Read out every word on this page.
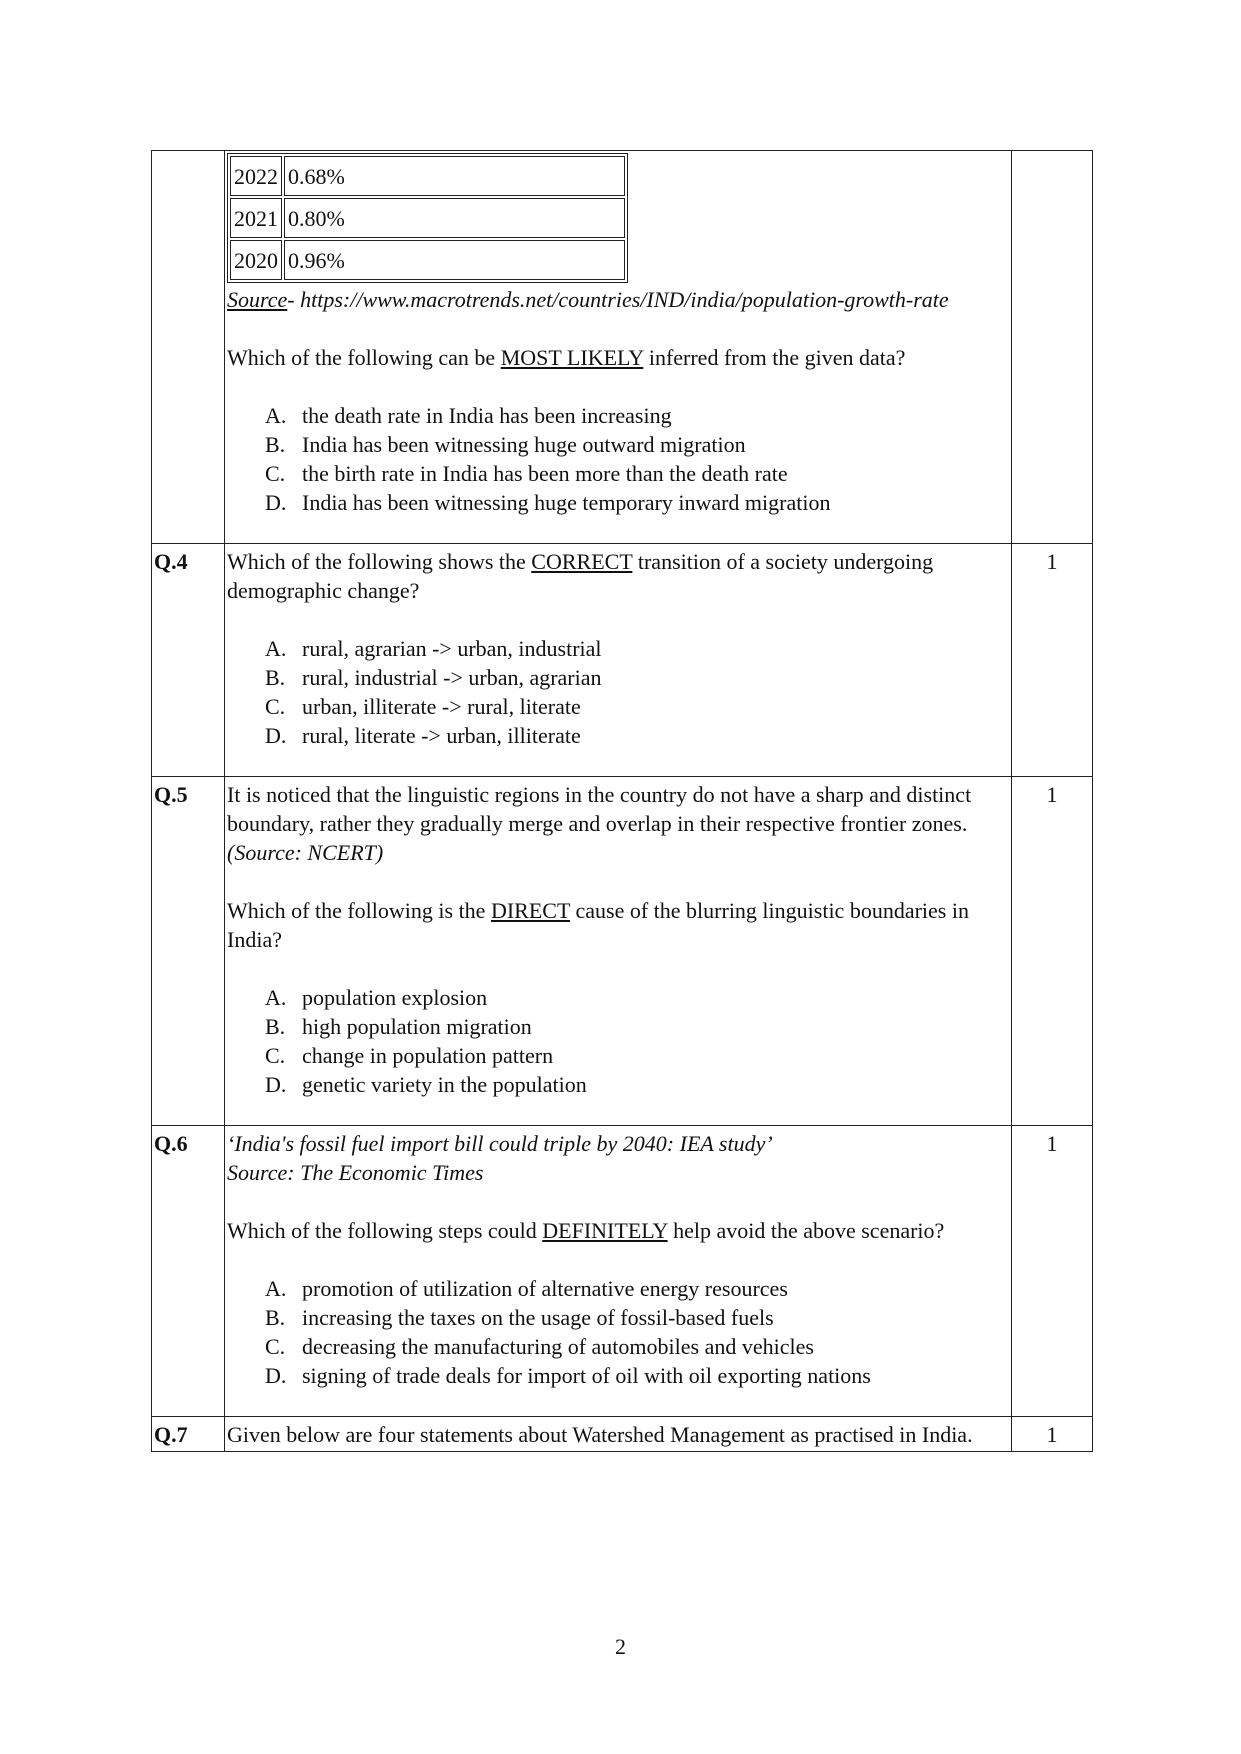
2022	0.68%
2021	0.80%
2020	0.96%

Source- https://www.macrotrends.net/countries/IND/india/population-growth-rate

Which of the following can be MOST LIKELY inferred from the given data?

A. the death rate in India has been increasing
B. India has been witnessing huge outward migration
C. the birth rate in India has been more than the death rate
D. India has been witnessing huge temporary inward migration

Q.4	Which of the following shows the CORRECT transition of a society undergoing demographic change?

A. rural, agrarian -> urban, industrial
B. rural, industrial -> urban, agrarian
C. urban, illiterate -> rural, literate
D. rural, literate -> urban, illiterate
	1
Q.5	It is noticed that the linguistic regions in the country do not have a sharp and distinct boundary, rather they gradually merge and overlap in their respective frontier zones.

(Source: NCERT)

Which of the following is the DIRECT cause of the blurring linguistic boundaries in India?

A. population explosion
B. high population migration
C. change in population pattern
D. genetic variety in the population
	1
Q.6	‘India's fossil fuel import bill could triple by 2040: IEA study’

Source: The Economic Times

Which of the following steps could DEFINITELY help avoid the above scenario?

A. promotion of utilization of alternative energy resources
B. increasing the taxes on the usage of fossil-based fuels
C. decreasing the manufacturing of automobiles and vehicles
D. signing of trade deals for import of oil with oil exporting nations
	1
Q.7	Given below are four statements about Watershed Management as practised in India.	1
2
